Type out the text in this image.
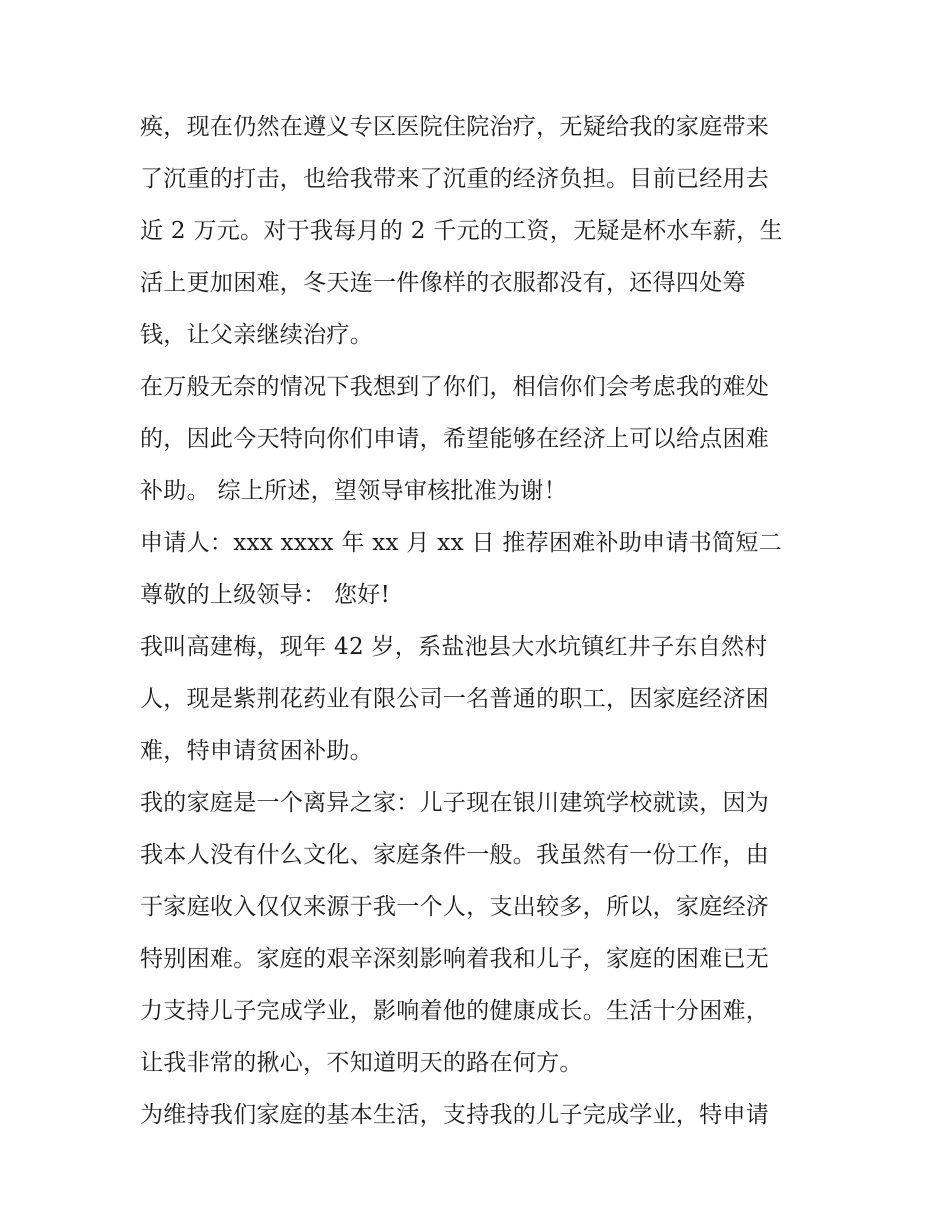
痪，现在仍然在遵义专区医院住院治疗，无疑给我的家庭带来
了沉重的打击，也给我带来了沉重的经济负担。目前已经用去
近 2 万元。对于我每月的 2 千元的工资，无疑是杯水车薪，生
活上更加困难，冬天连一件像样的衣服都没有，还得四处筹
钱，让父亲继续治疗。
在万般无奈的情况下我想到了你们，相信你们会考虑我的难处
的，因此今天特向你们申请，希望能够在经济上可以给点困难
补助。 综上所述，望领导审核批准为谢！
申请人：xxx xxxx 年 xx 月 xx 日 推荐困难补助申请书简短二
尊敬的上级领导： 您好!
我叫高建梅，现年 42 岁，系盐池县大水坑镇红井子东自然村
人，现是紫荆花药业有限公司一名普通的职工，因家庭经济困
难，特申请贫困补助。
我的家庭是一个离异之家：儿子现在银川建筑学校就读，因为
我本人没有什么文化、家庭条件一般。我虽然有一份工作，由
于家庭收入仅仅来源于我一个人，支出较多，所以，家庭经济
特别困难。家庭的艰辛深刻影响着我和儿子，家庭的困难已无
力支持儿子完成学业，影响着他的健康成长。生活十分困难，
让我非常的揪心，不知道明天的路在何方。
为维持我们家庭的基本生活，支持我的儿子完成学业，特申请
